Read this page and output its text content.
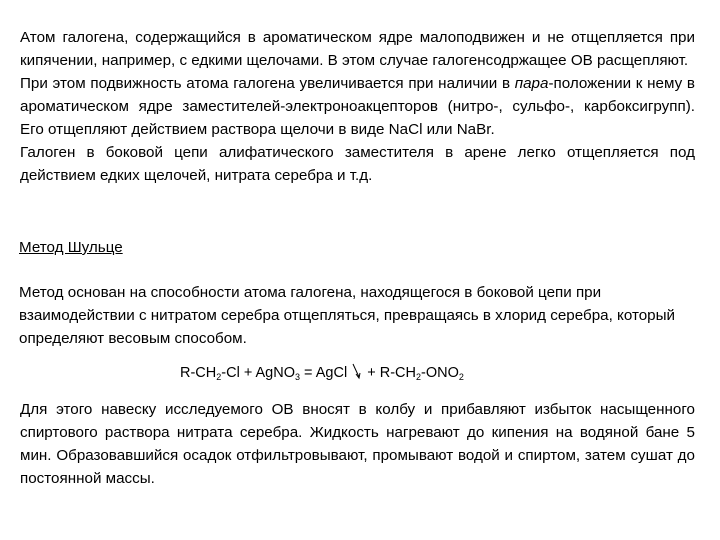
Атом галогена, содержащийся в ароматическом ядре малоподвижен и не отщепляется при кипячении, например, с едкими щелочами. В этом случае галогенсодржащее ОВ расщепляют.

При этом подвижность атома галогена увеличивается при наличии в пара-положении к нему в ароматическом ядре заместителей-электроноакцепторов (нитро-, сульфо-, карбоксигрупп). Его отщепляют действием раствора щелочи в виде NaCl или NaBr.

Галоген в боковой цепи алифатического заместителя в арене легко отщепляется под действием едких щелочей, нитрата серебра и т.д.

Метод Шульце
Метод основан на способности атома галогена, находящегося в боковой цепи при взаимодействии с нитратом серебра отщепляться, превращаясь в хлорид серебра, который определяют весовым способом.
$R-CH_2-Cl$ + AgNO$_3$ = AgCl  + $R-CH_2-ONO_2$

Для этого навеску исследуемого ОВ вносят в колбу и прибавляют избыток насыщенного спиртового раствора нитрата серебра. Жидкость нагревают до кипения на водяной бане 5 мин. Образовавшийся осадок отфильтровывают, промывают водой и спиртом, затем сушат до постоянной массы.
